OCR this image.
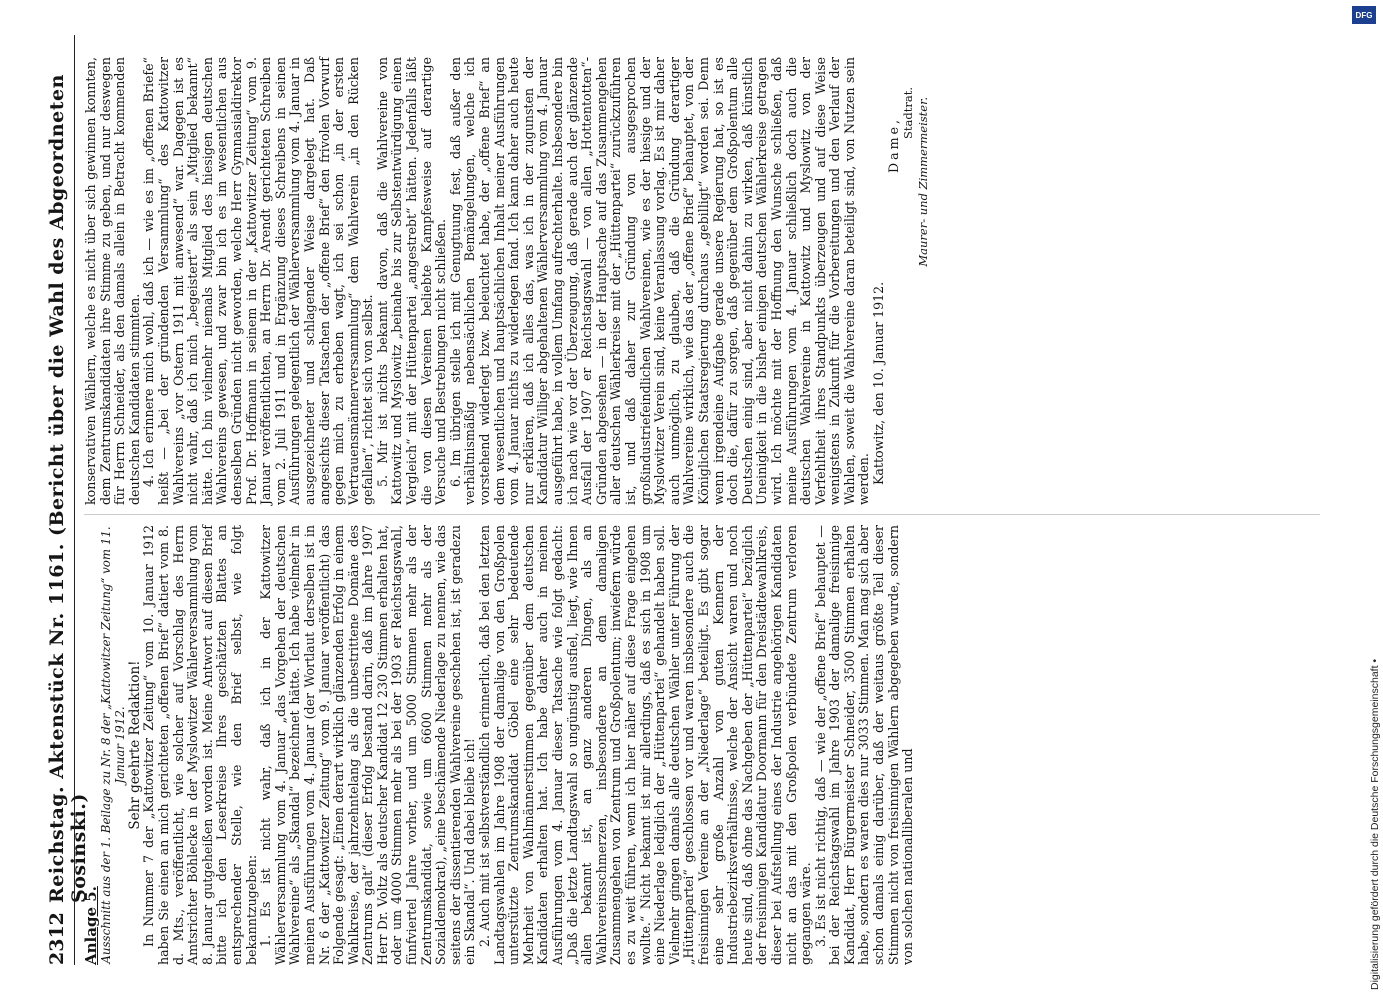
2312
Reichstag. Aktenstück Nr. 1161. (Bericht über die Wahl des Abgeordneten Sosinski.)

Anlage 5.

Ausschnitt aus der 1. Beilage zu Nr. 8 der „Kattowitzer Zeitung“ vom 11. Januar 1912. Sehr geehrte Redaktion!

In Nummer 7 der „Kattowitzer Zeitung“ vom 10. Januar 1912 haben Sie einen an mich gerichteten „offenen Brief“ datiert vom 8. d. Mts., veröffentlicht, wie solcher auf Vorschlag des Herrn Amtsrichter Böhlecke in der Myslowitzer Wählerversammlung vom 8. Januar gutgeheißen worden ist. Meine Antwort auf diesen Brief bitte ich den Leserkreise Ihres geschätzten Blattes an entsprechender Stelle, wie den Brief selbst, wie folgt bekanntzugeben: 1. Es ist nicht wahr, daß ich in der Kattowitzer Wählerversammlung vom 4. Januar „das Vorgehen der deutschen Wahlvereine“ als „Skandal“ bezeichnet hätte. Ich habe vielmehr in meinen Ausführungen vom 4. Januar (der Wortlaut derselben ist in Nr. 6 der „Kattowitzer Zeitung“ vom 9. Januar veröffentlicht) das Folgende gesagt: „Einen derart wirklich glänzenden Erfolg in einem Wahlkreise, der jahrzehntelang als die unbestrittene Domäne des Zentrums galt“ (dieser Erfolg bestand darin, daß im Jahre 1907 Herr Dr. Voltz als deutscher Kandidat 12 230 Stimmen erhalten hat, oder um 4000 Stimmen mehr als bei der 1903 er Reichstagswahl, fünfviertel Jahre vorher, und um 5000 Stimmen mehr als der Zentrumskandidat, sowie um 6600 Stimmen mehr als der Sozialdemokrat), „eine beschämende Niederlage zu nennen, wie das seitens der dissentierenden Wahlvereine geschehen ist, ist geradezu ein Skandal“. Und dabei bleibe ich! 2. Auch mit ist selbstverständlich erinnerlich, daß bei den letzten Landtagswahlen im Jahre 1908 der damalige von den Großpolen unterstützte Zentrumskandidat Göbel eine sehr bedeutende Mehrheit von Wahlmännerstimmen gegenüber dem deutschen Kandidaten erhalten hat. Ich habe daher auch in meinen Ausführungen vom 4. Januar dieser Tatsache wie folgt gedacht: „Daß die letzte Landtagswahl so ungünstig ausfiel, liegt, wie Ihnen allen bekannt ist, an ganz anderen Dingen, als an Wahlvereinsschmerzen, insbesondere an dem damaligen Zusammengehen von Zentrum und Großpolentum; inwiefern würde es zu weit führen, wenn ich hier näher auf diese Frage eingehen wollte.“ Nicht bekannt ist mir allerdings, daß es sich in 1908 um eine Niederlage lediglich der „Hüttenpartei“ gehandelt haben soll. Vielmehr gingen damals alle deutschen Wähler unter Führung der „Hüttenpartei“ geschlossen vor und waren insbesondere auch die freisinnigen Vereine an der „Niederlage“ beteiligt. Es gibt sogar eine sehr große Anzahl von guten Kennern der Industriebezirksverhältnisse, welche der Ansicht waren und noch heute sind, daß ohne das Nachgeben der „Hüttenpartei“ bezüglich der freisinnigen Kandidatur Doormann für den Dreistädtewahlkreis, dieser bei Aufstellung eines der Industrie angehörigen Kandidaten nicht an das mit den Großpolen verbündete Zentrum verloren gegangen wäre. 3. Es ist nicht richtig, daß — wie der „offene Brief“ behauptet — bei der Reichstagswahl im Jahre 1903 der damalige freisinnige Kandidat, Herr Bürgermeister Schneider, 3500 Stimmen erhalten habe, sondern es waren dies nur 3033 Stimmen. Man mag sich aber schon damals einig darüber, daß der weitaus größte Teil dieser Stimmen nicht von freisinnigen Wählern abgegeben wurde, sondern von solchen nationalliberalen und

konservativen Wählern, welche es nicht über sich gewinnen konnten, dem Zentrumskandidaten ihre Stimme zu geben, und nur deswegen für Herrn Schneider, als den damals allein in Betracht kommenden deutschen Kandidaten stimmten. 4. Ich erinnere mich wohl, daß ich — wie es im „offenen Briefe“ heißt — „bei der gründenden Versammlung“ des Kattowitzer Wahlvereins „vor Ostern 1911 mit anwesend“ war. Dagegen ist es nicht wahr, daß ich mich „begeistert“ als sein „Mitglied bekannt“ hätte. Ich bin vielmehr niemals Mitglied des hiesigen deutschen Wahlvereins gewesen, und zwar bin ich es im wesentlichen aus denselben Gründen nicht geworden, welche Herr Gymnasialdirektor Prof. Dr. Hoffmann in seinem in der „Kattowitzer Zeitung“ vom 9. Januar veröffentlichten, an Herrn Dr. Arendt gerichteten Schreiben vom 2. Juli 1911 und in Ergänzung dieses Schreibens in seinen Ausführungen gelegentlich der Wählerversammlung vom 4. Januar in ausgezeichneter und schlagender Weise dargelegt hat. Daß angesichts dieser Tatsachen der „offene Brief“ den frivolen Vorwurf gegen mich zu erheben wagt, ich sei schon „in der ersten Vertrauensmännerversammlung“ dem Wahlverein „in den Rücken gefallen“, richtet sich von selbst. 5. Mir ist nichts bekannt davon, daß die Wahlvereine von Kattowitz und Myslowitz „beinahe bis zur Selbstentwürdigung einen Vergleich“ mit der Hüttenpartei „angestrebt“ hätten. Jedenfalls läßt die von diesen Vereinen beliebte Kampfesweise auf derartige Versuche und Bestrebungen nicht schließen. 6. Im übrigen stelle ich mit Genugtuung fest, daß außer den verhältnismäßig nebensächlichen Bemängelungen, welche ich vorstehend widerlegt bzw. beleuchtet habe, der „offene Brief“ an dem wesentlichen und hauptsächlichen Inhalt meiner Ausführungen vom 4. Januar nichts zu widerlegen fand. Ich kann daher auch heute nur erklären, daß ich alles das, was ich in der zugunsten der Kandidatur Williger abgehaltenen Wählerversammlung vom 4. Januar ausgeführt habe, in vollem Umfang aufrechterhalte. Insbesondere bin ich nach wie vor der Überzeugung, daß gerade auch der glänzende Ausfall der 1907 er Reichstagswahl — von allen „Hottentotten“-Gründen abgesehen — in der Hauptsache auf das Zusammengehen aller deutschen Wählerkreise mit der „Hüttenpartei“ zurückzuführen ist, und daß daher zur Gründung von ausgesprochen großindustriefeindlichen Wahlvereinen, wie es der hiesige und der Myslowitzer Verein sind, keine Veranlassung vorlag. Es ist mir daher auch unmöglich, zu glauben, daß die Gründung derartiger Wahlvereine wirklich, wie das der „offene Brief“ behauptet, von der Königlichen Staatsregierung durchaus „gebilligt“ worden sei. Denn wenn irgendeine Aufgabe gerade unsere Regierung hat, so ist es doch die, dafür zu sorgen, daß gegenüber dem Großpolentum alle Deutschen einig sind, aber nicht dahin zu wirken, daß künstlich Uneinigkeit in die bisher einigen deutschen Wählerkreise getragen wird. Ich möchte mit der Hoffnung den Wunsche schließen, daß meine Ausführungen vom 4. Januar schließlich doch auch die deutschen Wahlvereine in Kattowitz und Myslowitz von der Verfehltheit ihres Standpunkts überzeugen und auf diese Weise wenigstens in Zukunft für die Vorbereitungen und den Verlauf der Wahlen, soweit die Wahlvereine daran beteiligt sind, von Nutzen sein werden. Kattowitz, den 10. Januar 1912.

Dame,

Stadtrat. Maurer- und Zimmermeister.

DFG
Digitalisierung gefördert durch die Deutsche Forschungsgemeinschaft •
